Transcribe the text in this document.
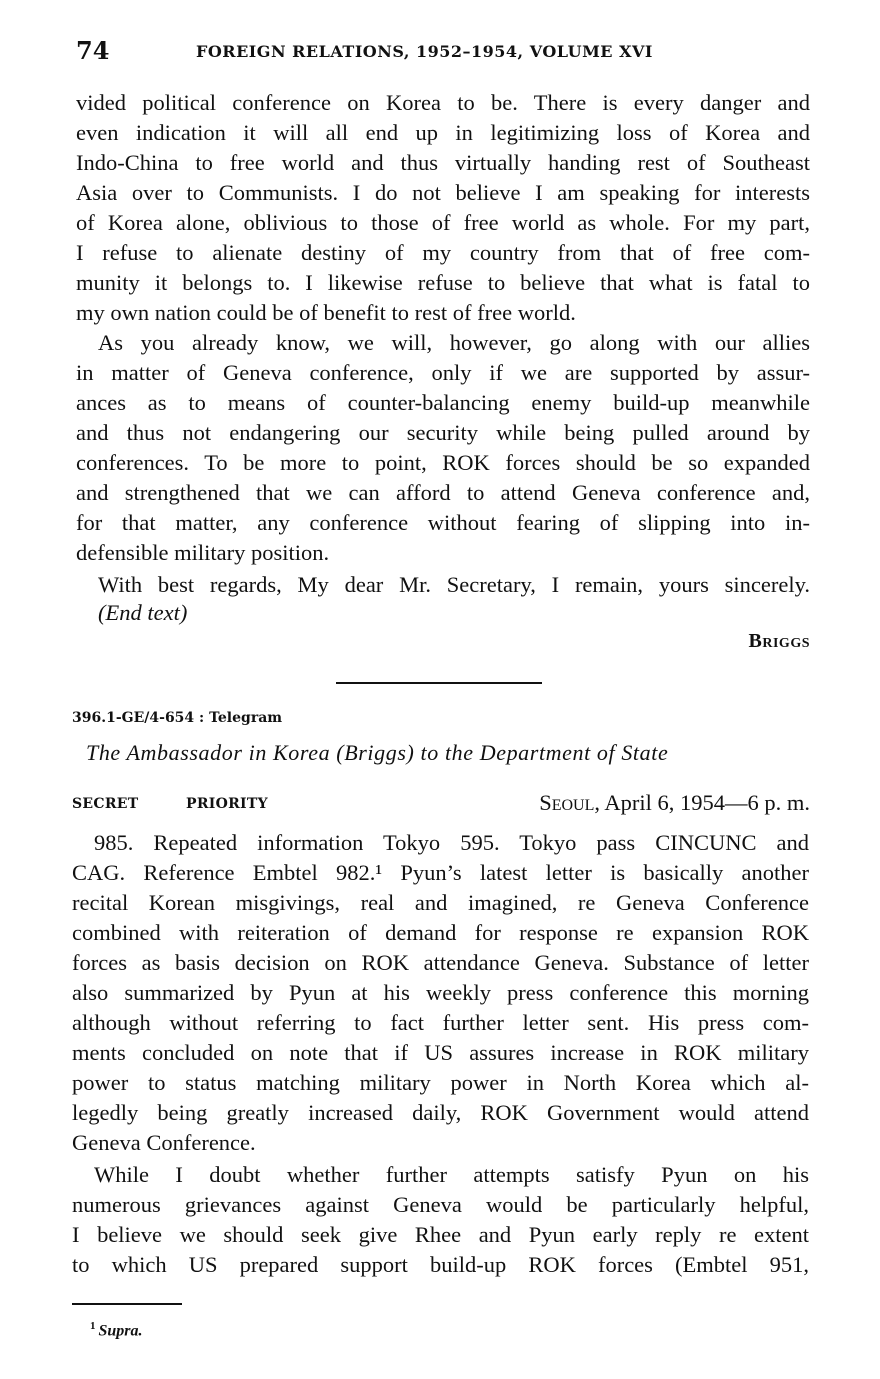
74	FOREIGN RELATIONS, 1952–1954, VOLUME XVI

vided political conference on Korea to be. There is every danger and

even indication it will all end up in legitimizing loss of Korea and

Indo-China to free world and thus virtually handing rest of Southeast

Asia over to Communists. I do not believe I am speaking for interests

of Korea alone, oblivious to those of free world as whole. For my part,

I refuse to alienate destiny of my country from that of free com-

munity it belongs to. I likewise refuse to believe that what is fatal to

my own nation could be of benefit to rest of free world.

As you already know, we will, however, go along with our allies

in matter of Geneva conference, only if we are supported by assur-

ances as to means of counter-balancing enemy build-up meanwhile

and thus not endangering our security while being pulled around by

conferences. To be more to point, ROK forces should be so expanded

and strengthened that we can afford to attend Geneva conference and,

for that matter, any conference without fearing of slipping into in-

defensible military position.

With best regards, My dear Mr. Secretary, I remain, yours sincerely.

(End text)
Briggs
396.1-GE/4-654 : Telegram
The Ambassador in Korea (Briggs) to the Department of State
SECRET	PRIORITY	Seoul, April 6, 1954—6 p. m.

985. Repeated information Tokyo 595. Tokyo pass CINCUNC and

CAG. Reference Embtel 982.¹ Pyun’s latest letter is basically another

recital Korean misgivings, real and imagined, re Geneva Conference

combined with reiteration of demand for response re expansion ROK

forces as basis decision on ROK attendance Geneva. Substance of letter

also summarized by Pyun at his weekly press conference this morning

although without referring to fact further letter sent. His press com-

ments concluded on note that if US assures increase in ROK military

power to status matching military power in North Korea which al-

legedly being greatly increased daily, ROK Government would attend

Geneva Conference.

While I doubt whether further attempts satisfy Pyun on his

numerous grievances against Geneva would be particularly helpful,

I believe we should seek give Rhee and Pyun early reply re extent

to which US prepared support build-up ROK forces (Embtel 951,

$^1$ Supra.
